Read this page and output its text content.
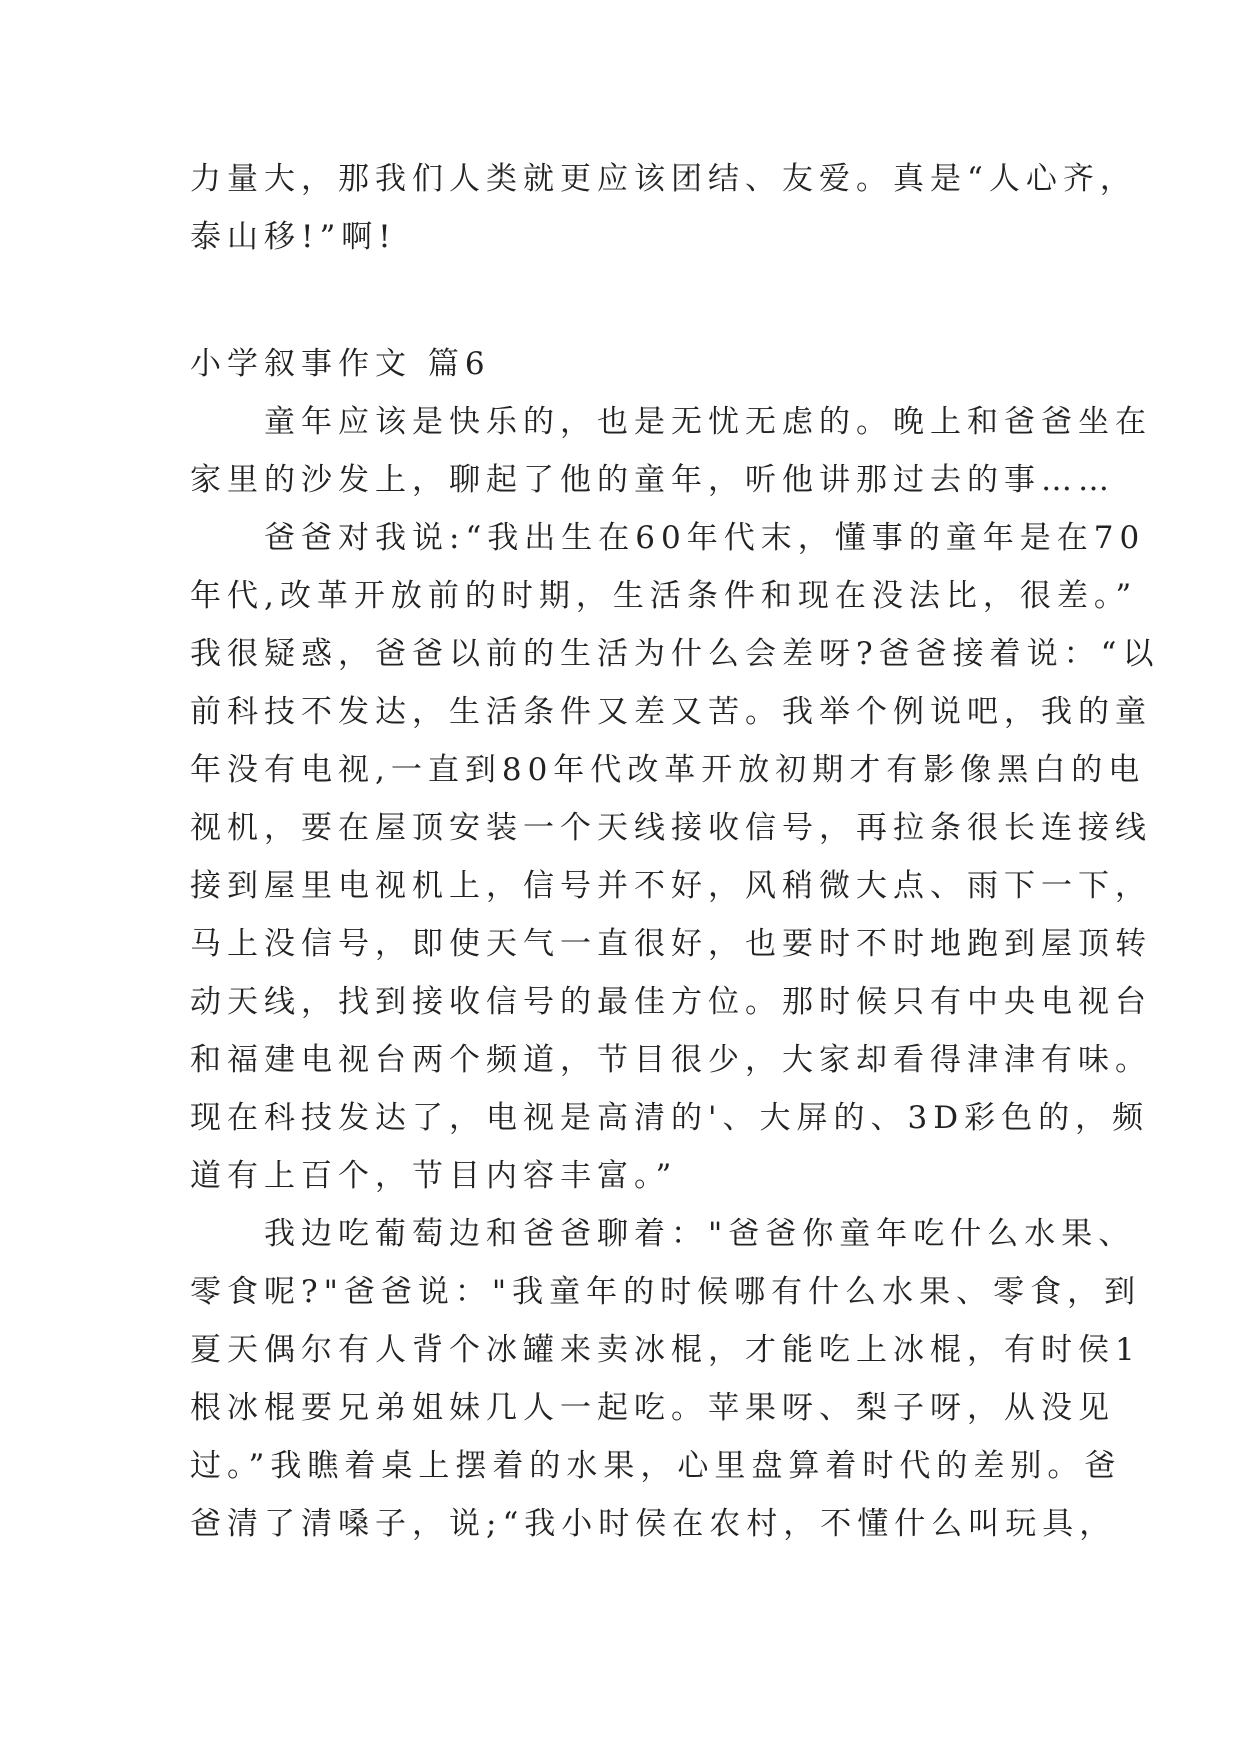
力量大，那我们人类就更应该团结、友爱。真是“人心齐，
泰山移!”啊!
小学叙事作文 篇6
　　童年应该是快乐的，也是无忧无虑的。晚上和爸爸坐在
家里的沙发上，聊起了他的童年，听他讲那过去的事……
　　爸爸对我说:“我出生在60年代末，懂事的童年是在70
年代,改革开放前的时期，生活条件和现在没法比，很差。”
我很疑惑，爸爸以前的生活为什么会差呀?爸爸接着说：“以
前科技不发达，生活条件又差又苦。我举个例说吧，我的童
年没有电视,一直到80年代改革开放初期才有影像黑白的电
视机，要在屋顶安装一个天线接收信号，再拉条很长连接线
接到屋里电视机上，信号并不好，风稍微大点、雨下一下，
马上没信号，即使天气一直很好，也要时不时地跑到屋顶转
动天线，找到接收信号的最佳方位。那时候只有中央电视台
和福建电视台两个频道，节目很少，大家却看得津津有味。
现在科技发达了，电视是高清的'、大屏的、3D彩色的，频
道有上百个，节目内容丰富。”
　　我边吃葡萄边和爸爸聊着："爸爸你童年吃什么水果、
零食呢?"爸爸说："我童年的时候哪有什么水果、零食，到
夏天偶尔有人背个冰罐来卖冰棍，才能吃上冰棍，有时侯1
根冰棍要兄弟姐妹几人一起吃。苹果呀、梨子呀，从没见
过。”我瞧着桌上摆着的水果，心里盘算着时代的差别。爸
爸清了清嗓子，说;“我小时侯在农村，不懂什么叫玩具，
